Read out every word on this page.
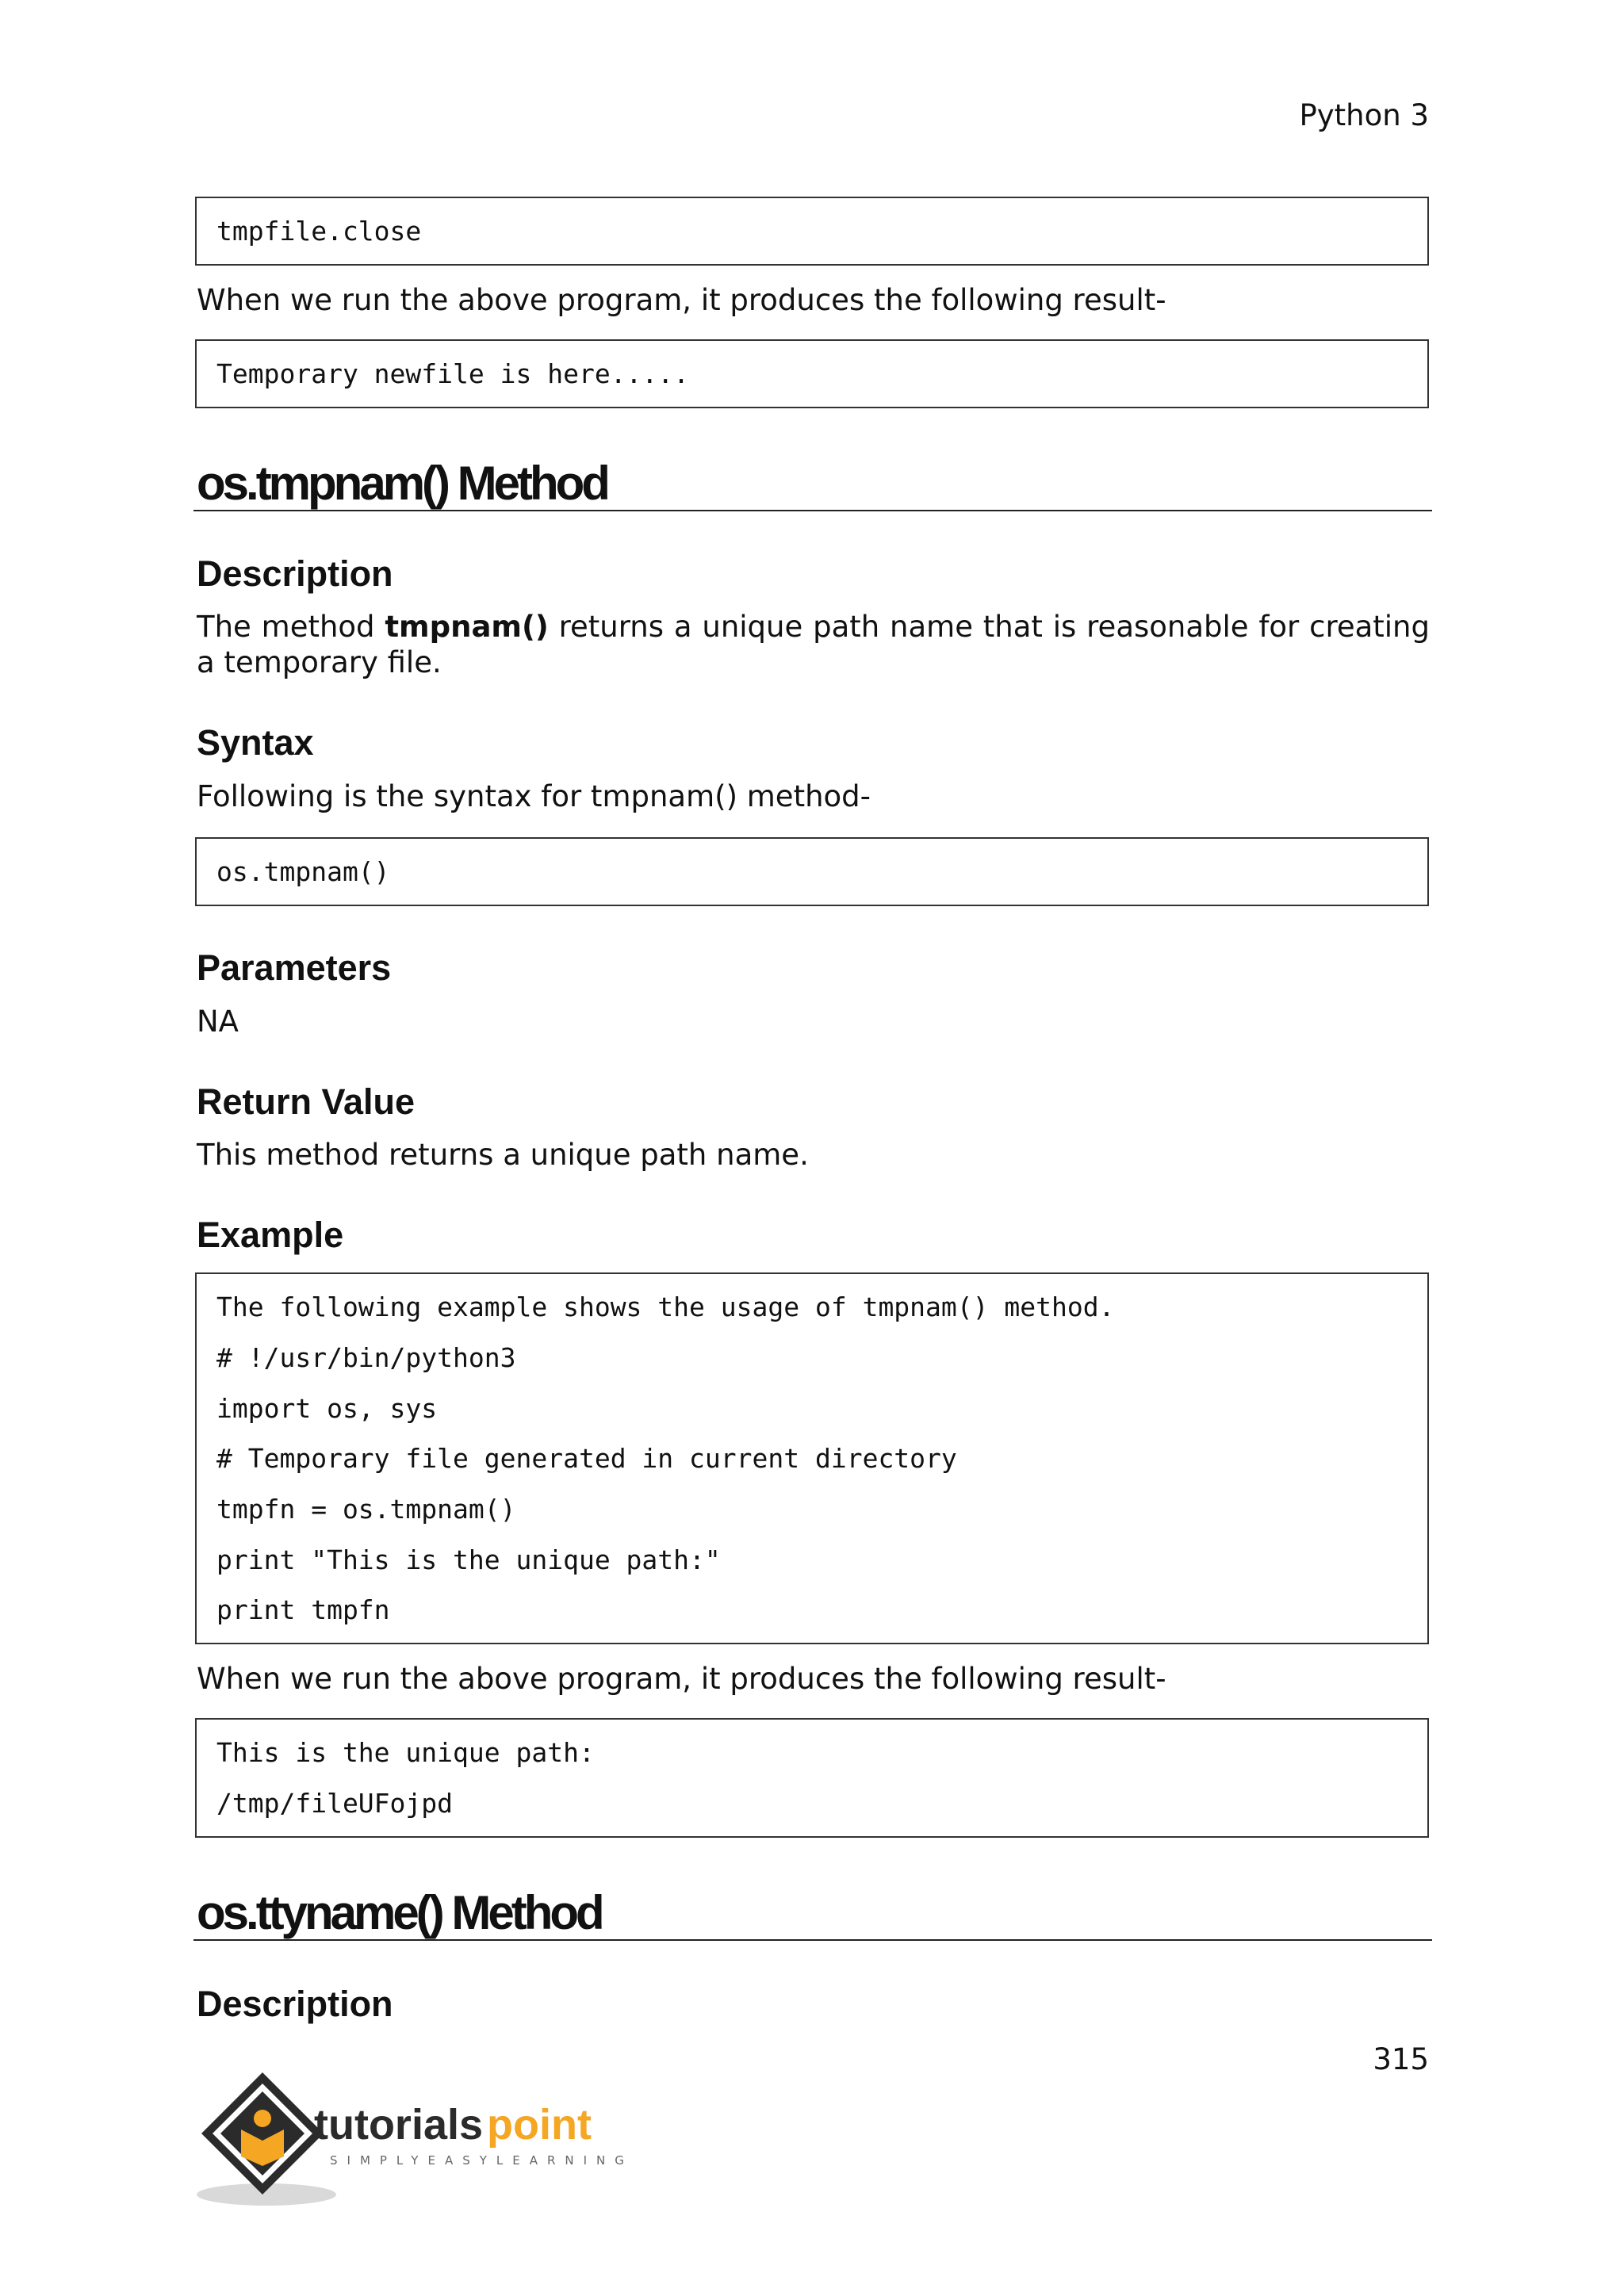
Python 3
tmpfile.close
When we run the above program, it produces the following result-
Temporary newfile is here.....
os.tmpnam() Method
Description
The method tmpnam() returns a unique path name that is reasonable for creating a temporary file.
Syntax
Following is the syntax for tmpnam() method-
os.tmpnam()
Parameters
NA
Return Value
This method returns a unique path name.
Example
The following example shows the usage of tmpnam() method.
# !/usr/bin/python3
import os, sys
# Temporary file generated in current directory
tmpfn = os.tmpnam()
print "This is the unique path:"
print tmpfn
When we run the above program, it produces the following result-
This is the unique path:
/tmp/fileUFojpd
os.ttyname() Method
Description
315
tutorials point
SIMPLYEASYLEARNING
